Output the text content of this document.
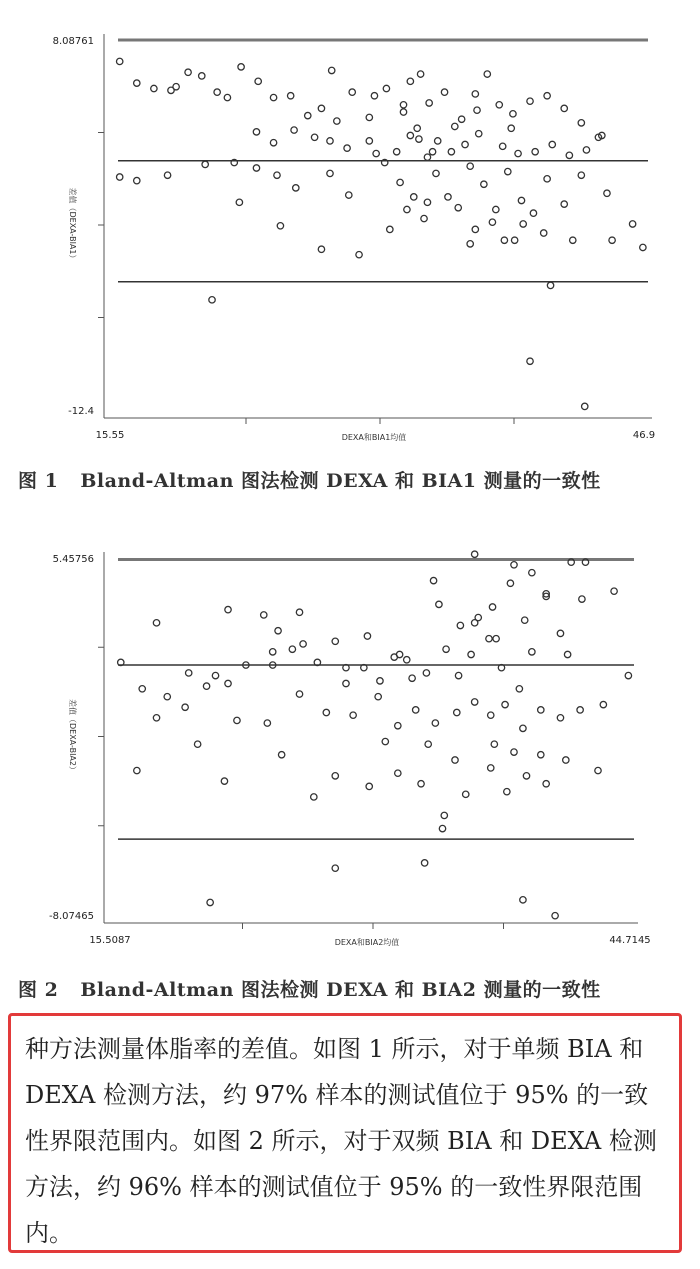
8.08761
-12.4
15.55	46.9
DEXA和BIA1均值
差值（DEXA-BIA1）
图 1 Bland-Altman 图法检测 DEXA 和 BIA1 测量的一致性
5.45756
-8.07465
15.5087	44.7145
DEXA和BIA2均值
差值（DEXA-BIA2）
图 2 Bland-Altman 图法检测 DEXA 和 BIA2 测量的一致性
种方法测量体脂率的差值。如图 1 所示，对于单频 BIA 和 DEXA 检测方法，约 97% 样本的测试值位于 95% 的一致性界限范围内。如图 2 所示，对于双频 BIA 和 DEXA 检测方法，约 96% 样本的测试值位于 95% 的一致性界限范围内。
